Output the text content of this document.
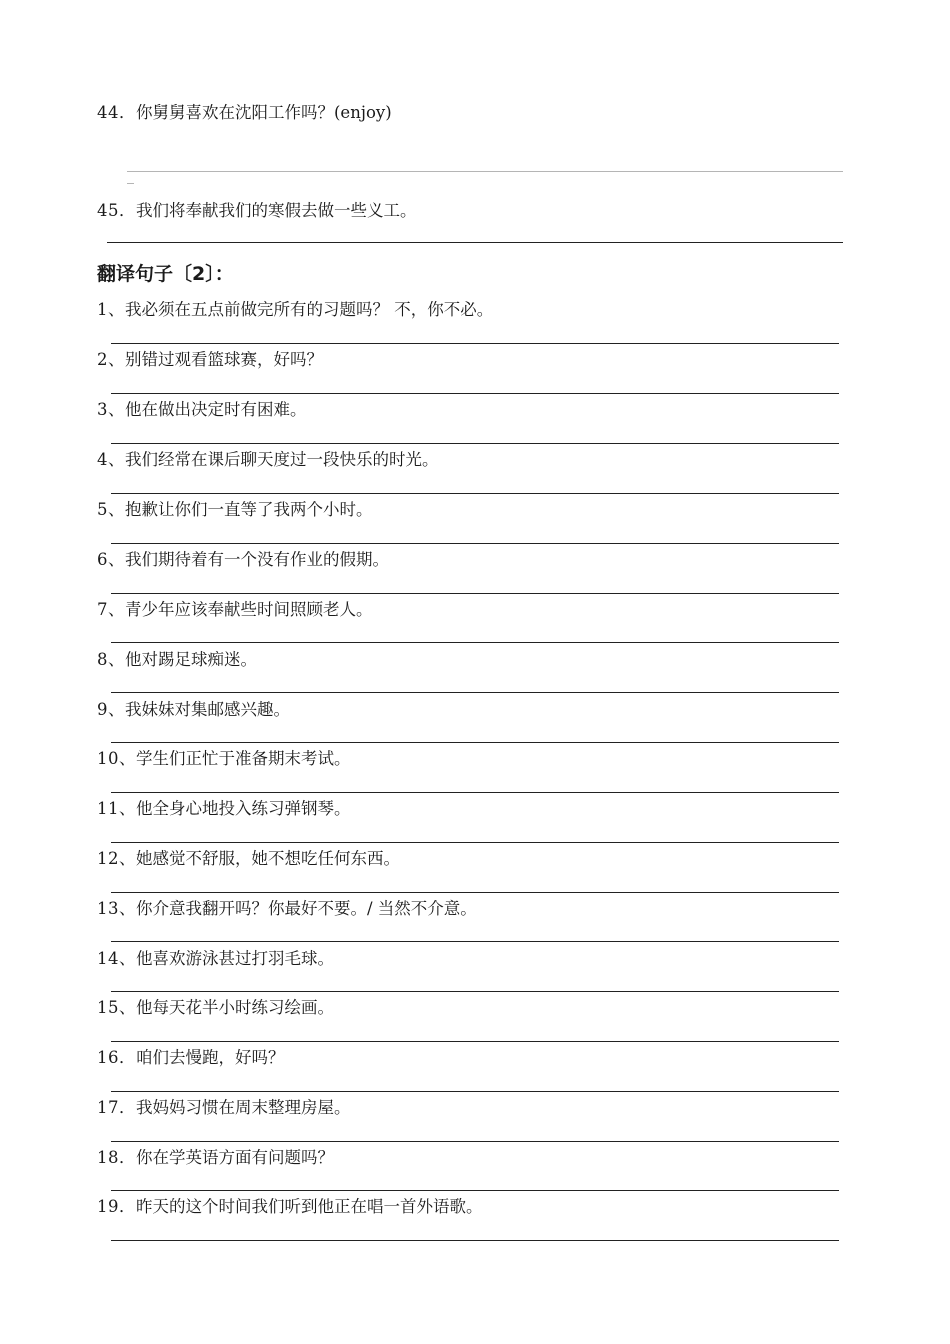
44．你舅舅喜欢在沈阳工作吗？(enjoy)
45．我们将奉献我们的寒假去做一些义工。
翻译句子〔2〕：
1、我必须在五点前做完所有的习题吗？ 不，你不必。
2、别错过观看篮球赛，好吗？
3、他在做出决定时有困难。
4、我们经常在课后聊天度过一段快乐的时光。
5、抱歉让你们一直等了我两个小时。
6、我们期待着有一个没有作业的假期。
7、青少年应该奉献些时间照顾老人。
8、他对踢足球痴迷。
9、我妹妹对集邮感兴趣。
10、学生们正忙于准备期末考试。
11、他全身心地投入练习弹钢琴。
12、她感觉不舒服，她不想吃任何东西。
13、你介意我翻开吗？你最好不要。/ 当然不介意。
14、他喜欢游泳甚过打羽毛球。
15、他每天花半小时练习绘画。
16．咱们去慢跑，好吗？
17．我妈妈习惯在周末整理房屋。
18．你在学英语方面有问题吗？
19．昨天的这个时间我们听到他正在唱一首外语歌。
